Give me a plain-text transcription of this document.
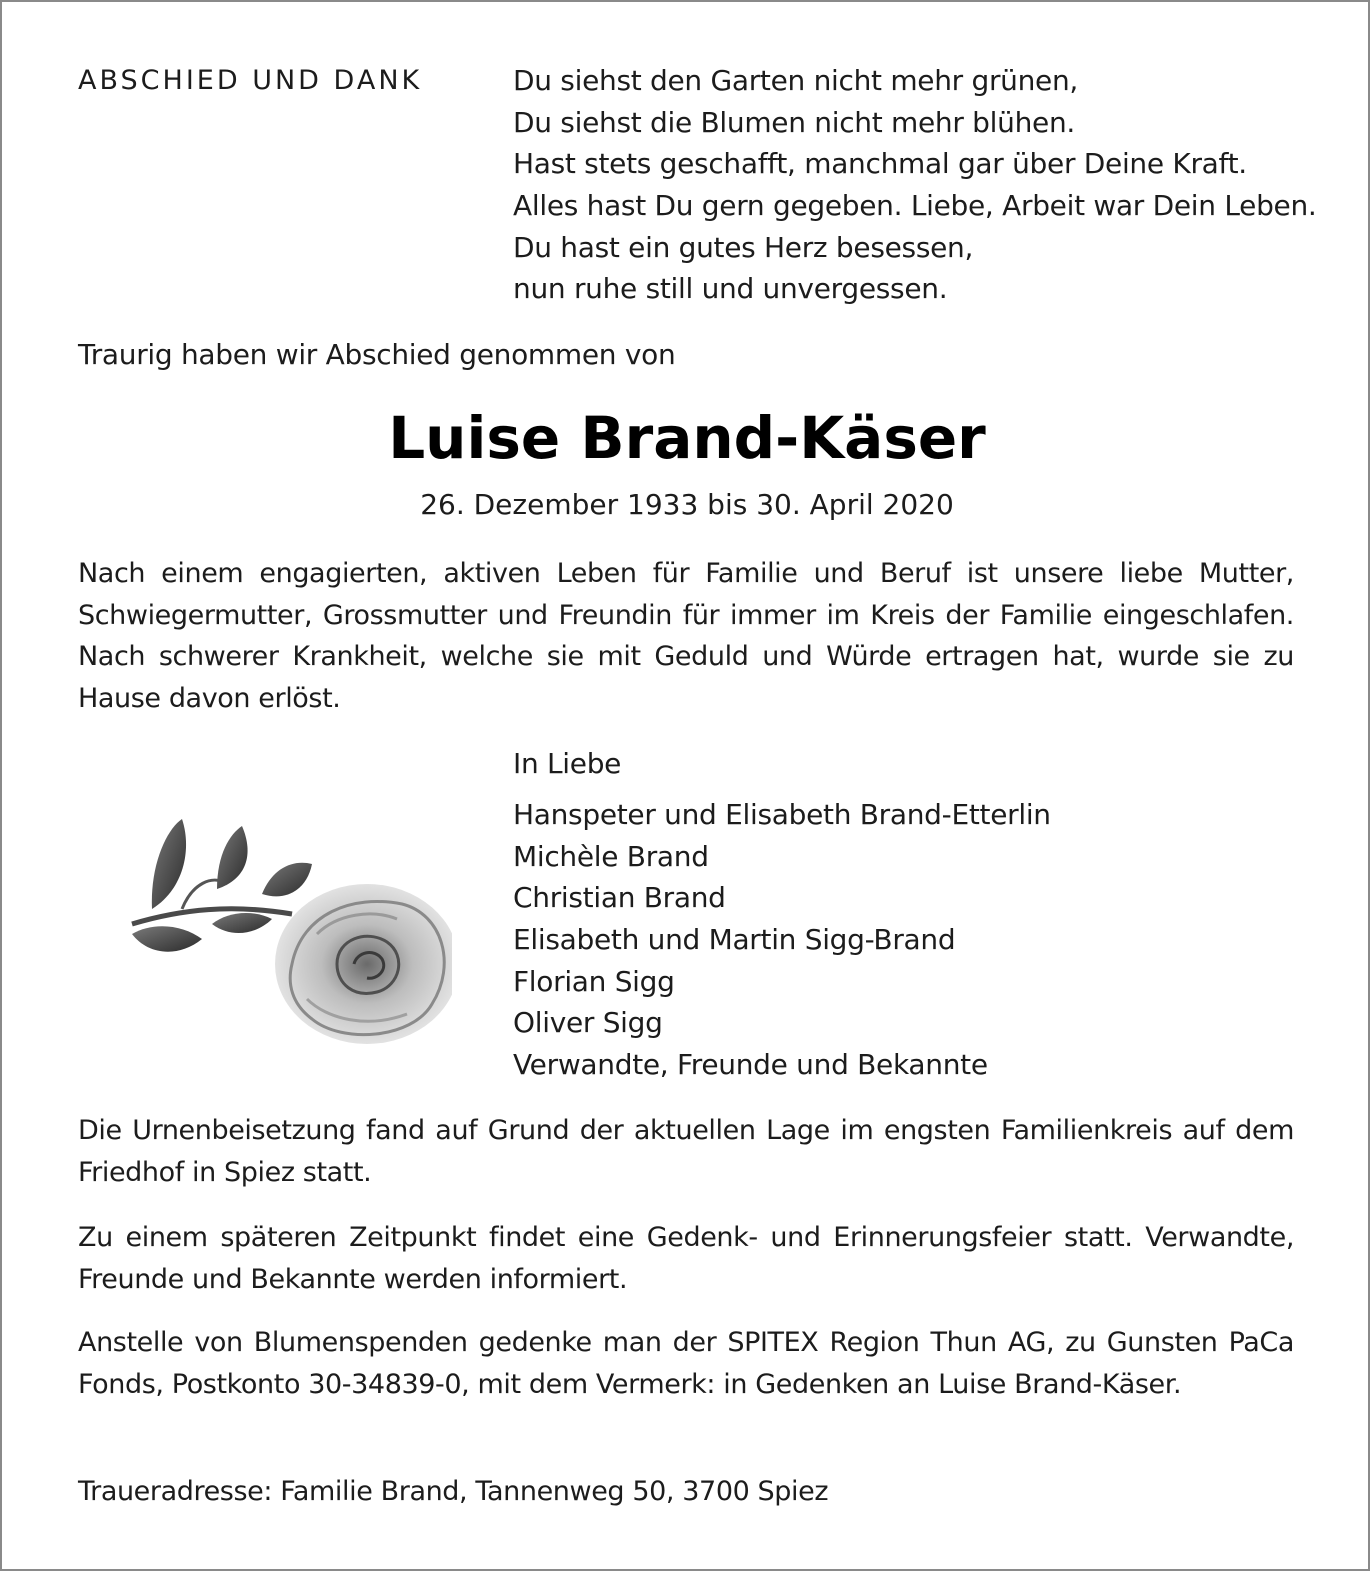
ABSCHIED UND DANK	Du siehst den Garten nicht mehr grünen,
Du siehst die Blumen nicht mehr blühen.
Hast stets geschafft, manchmal gar über Deine Kraft.
Alles hast Du gern gegeben. Liebe, Arbeit war Dein Leben.
Du hast ein gutes Herz besessen,
nun ruhe still und unvergessen.
Traurig haben wir Abschied genommen von
Luise Brand-Käser
26. Dezember 1933 bis 30. April 2020
Nach einem engagierten, aktiven Leben für Familie und Beruf ist unsere liebe Mutter, Schwiegermutter, Grossmutter und Freundin für immer im Kreis der Familie eingeschlafen. Nach schwerer Krankheit, welche sie mit Geduld und Würde ertragen hat, wurde sie zu Hause davon erlöst.
In Liebe
Hanspeter und Elisabeth Brand-Etterlin
Michèle Brand
Christian Brand
Elisabeth und Martin Sigg-Brand
Florian Sigg
Oliver Sigg
Verwandte, Freunde und Bekannte
Die Urnenbeisetzung fand auf Grund der aktuellen Lage im engsten Familienkreis auf dem Friedhof in Spiez statt.
Zu einem späteren Zeitpunkt findet eine Gedenk- und Erinnerungsfeier statt. Verwandte, Freunde und Bekannte werden informiert.
Anstelle von Blumenspenden gedenke man der SPITEX Region Thun AG, zu Gunsten PaCa Fonds, Postkonto 30-34839-0, mit dem Vermerk: in Gedenken an Luise Brand-Käser.
Traueradresse: Familie Brand, Tannenweg 50, 3700 Spiez
